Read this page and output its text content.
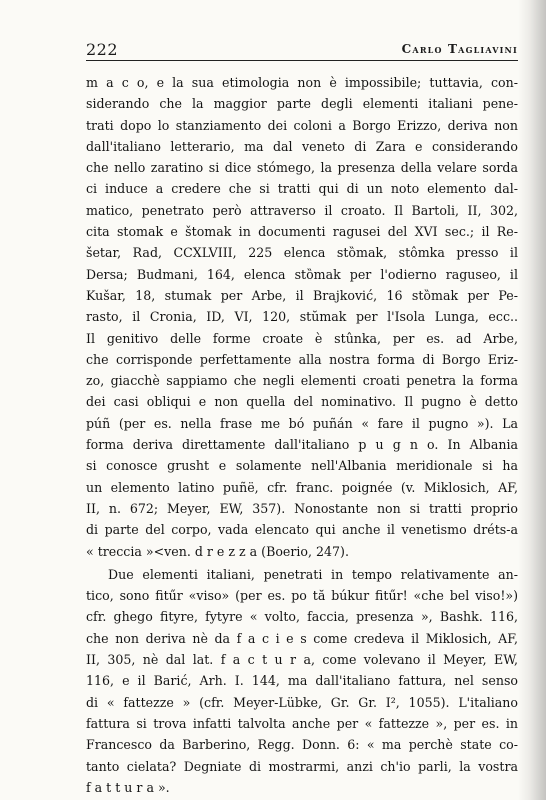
222	Carlo Tagliavini
m a c o, e la sua etimologia non è impossibile; tuttavia, con-
siderando che la maggior parte degli elementi italiani pene-
trati dopo lo stanziamento dei coloni a Borgo Erizzo, deriva non
dall'italiano letterario, ma dal veneto di Zara e considerando
che nello zaratino si dice stómego, la presenza della velare sorda
ci induce a credere che si tratti qui di un noto elemento dal-
matico, penetrato però attraverso il croato. Il Bartoli, II, 302,
cita stomak e štomak in documenti ragusei del XVI sec.; il Re-
šetar, Rad, CCXLVIII, 225 elenca stȍmak, stômka presso il
Dersa; Budmani, 164, elenca stȍmak per l'odierno raguseo, il
Kušar, 18, stumak per Arbe, il Brajković, 16 stȍmak per Pe-
rasto, il Cronia, ID, VI, 120, stŭmak per l'Isola Lunga, ecc..
Il genitivo delle forme croate è stûnka, per es. ad Arbe,
che corrisponde perfettamente alla nostra forma di Borgo Eriz-
zo, giacchè sappiamo che negli elementi croati penetra la forma
dei casi obliqui e non quella del nominativo. Il pugno è detto
púñ (per es. nella frase me bó puñán « fare il pugno »). La
forma deriva direttamente dall'italiano p u g n o. In Albania
si conosce grusht e solamente nell'Albania meridionale si ha
un elemento latino puñë, cfr. franc. poignée (v. Miklosich, AF,
II, n. 672; Meyer, EW, 357). Nonostante non si tratti proprio
di parte del corpo, vada elencato qui anche il venetismo dréts-a
« treccia »<ven. d r e z z a (Boerio, 247).
Due elementi italiani, penetrati in tempo relativamente an-
tico, sono fitűr «viso» (per es. po tă búkur fitűr! «che bel viso!»)
cfr. ghego fityre, fytyre « volto, faccia, presenza », Bashk. 116,
che non deriva nè da f a c i e s come credeva il Miklosich, AF,
II, 305, nè dal lat. f a c t u r a, come volevano il Meyer, EW,
116, e il Barić, Arh. I. 144, ma dall'italiano fattura, nel senso
di « fattezze » (cfr. Meyer-Lübke, Gr. Gr. I², 1055). L'italiano
fattura si trova infatti talvolta anche per « fattezze », per es. in
Francesco da Barberino, Regg. Donn. 6: « ma perchè state co-
tanto cielata? Degniate di mostrarmi, anzi ch'io parli, la vostra
f a t t u r a ».
